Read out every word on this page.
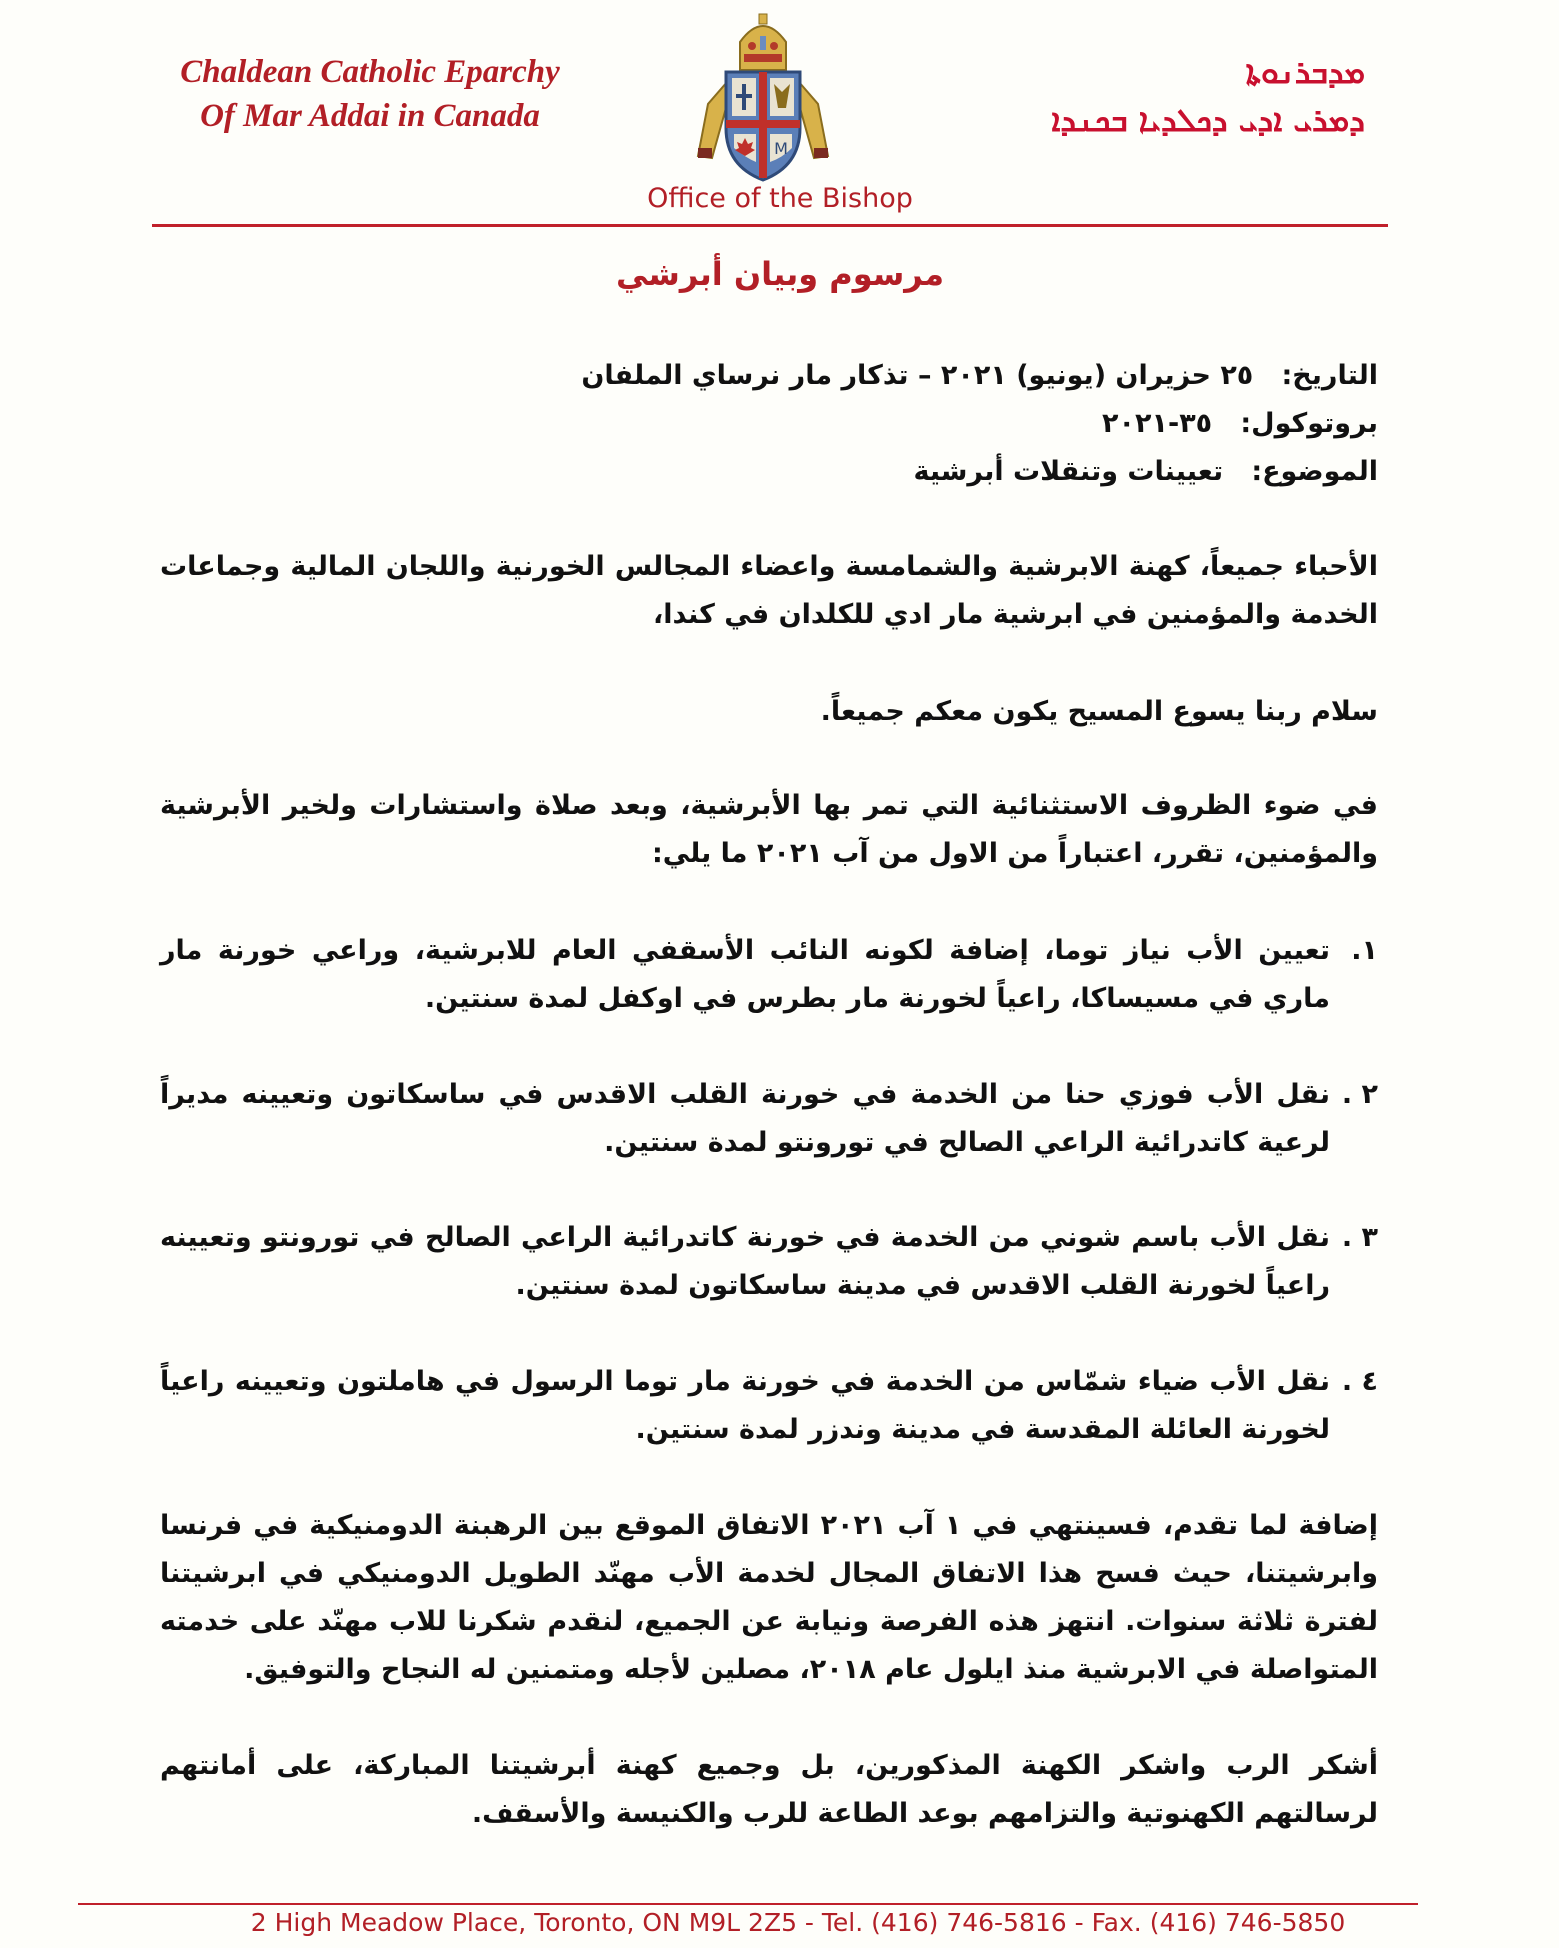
Chaldean Catholic Eparchy
Of Mar Addai in Canada
ܡܕܒܪܢܘܬܐ
ܕܡܪܝ ܐܕܝ ܕܟܠܕܝܐ ܒܟܢܕܐ
M
Office of the Bishop
مرسوم وبيان أبرشي
التاريخ:   ٢٥ حزيران (يونيو) ٢٠٢١ – تذكار مار نرساي الملفان
بروتوكول:   ٣٥-٢٠٢١
الموضوع:   تعيينات وتنقلات أبرشية
الأحباء جميعاً، كهنة الابرشية والشمامسة واعضاء المجالس الخورنية واللجان المالية وجماعات الخدمة والمؤمنين في ابرشية مار ادي للكلدان في كندا،
سلام ربنا يسوع المسيح يكون معكم جميعاً.
في ضوء الظروف الاستثنائية التي تمر بها الأبرشية، وبعد صلاة واستشارات ولخير الأبرشية والمؤمنين، تقرر، اعتباراً من الاول من آب ٢٠٢١ ما يلي:
١.
تعيين الأب نياز توما، إضافة لكونه النائب الأسقفي العام للابرشية، وراعي خورنة مار ماري في مسيساكا، راعياً لخورنة مار بطرس في اوكفل لمدة سنتين.
٢ .
نقل الأب فوزي حنا من الخدمة في خورنة القلب الاقدس في ساسكاتون وتعيينه مديراً لرعية كاتدرائية الراعي الصالح في تورونتو لمدة سنتين.
٣ .
نقل الأب باسم شوني من الخدمة في خورنة كاتدرائية الراعي الصالح في تورونتو وتعيينه راعياً لخورنة القلب الاقدس في مدينة ساسكاتون لمدة سنتين.
٤ .
نقل الأب ضياء شمّاس من الخدمة في خورنة مار توما الرسول في هاملتون وتعيينه راعياً لخورنة العائلة المقدسة في مدينة وندزر لمدة سنتين.
إضافة لما تقدم، فسينتهي في ١ آب ٢٠٢١ الاتفاق الموقع بين الرهبنة الدومنيكية في فرنسا وابرشيتنا، حيث فسح هذا الاتفاق المجال لخدمة الأب مهنّد الطويل الدومنيكي في ابرشيتنا لفترة ثلاثة سنوات. انتهز هذه الفرصة ونيابة عن الجميع، لنقدم شكرنا للاب مهنّد على خدمته المتواصلة في الابرشية منذ ايلول عام ٢٠١٨، مصلين لأجله ومتمنين له النجاح والتوفيق.
أشكر الرب واشكر الكهنة المذكورين، بل وجميع كهنة أبرشيتنا المباركة، على أمانتهم لرسالتهم الكهنوتية والتزامهم بوعد الطاعة للرب والكنيسة والأسقف.
2 High Meadow Place, Toronto, ON M9L 2Z5 - Tel. (416) 746-5816 - Fax. (416) 746-5850
